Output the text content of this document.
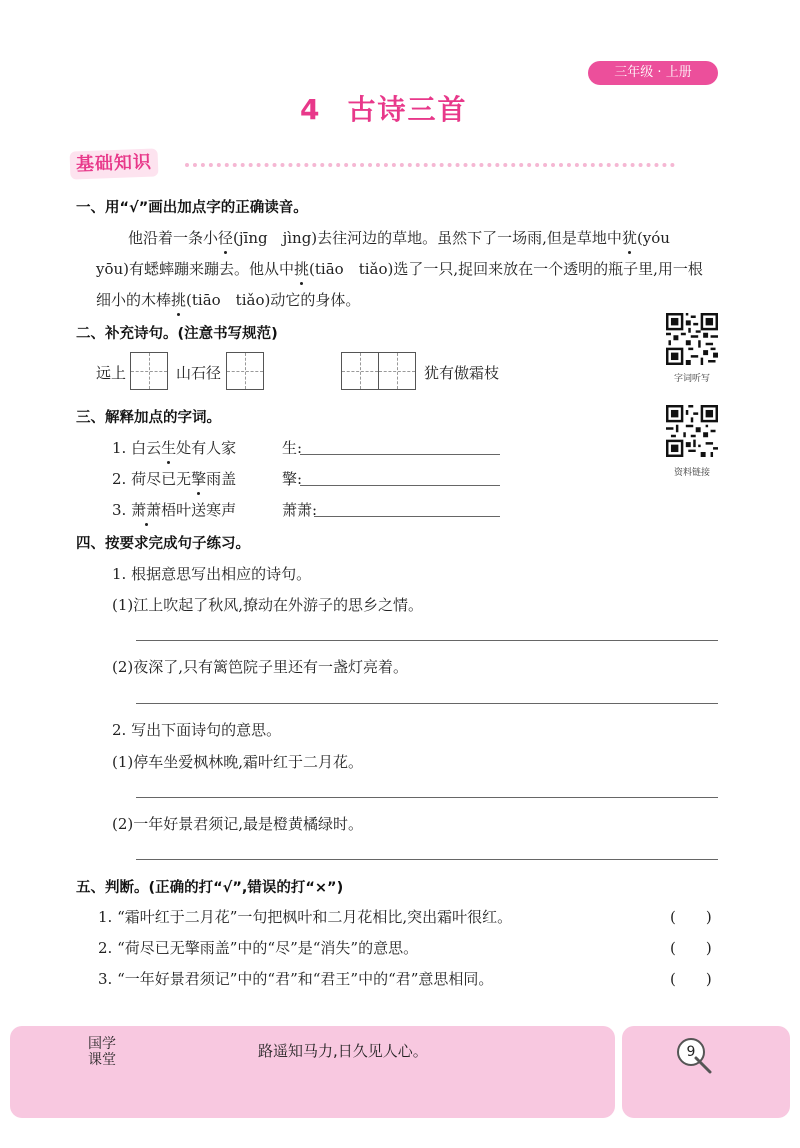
三年级 · 上册
4 古诗三首
基础知识
一、用“√”画出加点字的正确读音。
他沿着一条小径(jīng　jìng)去往河边的草地。虽然下了一场雨,但是草地中犹(yóu
yōu)有蟋蟀蹦来蹦去。他从中挑(tiāo　tiǎo)选了一只,捉回来放在一个透明的瓶子里,用一根
细小的木棒挑(tiāo　tiǎo)动它的身体。
二、补充诗句。(注意书写规范)
远上	山石径	犹有傲霜枝	字词听写
资料链接
三、解释加点的字词。
1. 白云生处有人家	生:
2. 荷尽已无擎雨盖	擎:
3. 萧萧梧叶送寒声	萧萧:
四、按要求完成句子练习。
1. 根据意思写出相应的诗句。
(1)江上吹起了秋风,撩动在外游子的思乡之情。
(2)夜深了,只有篱笆院子里还有一盏灯亮着。
2. 写出下面诗句的意思。
(1)停车坐爱枫林晚,霜叶红于二月花。
(2)一年好景君须记,最是橙黄橘绿时。
五、判断。(正确的打“√”,错误的打“×”)
1. “霜叶红于二月花”一句把枫叶和二月花相比,突出霜叶很红。	(　　)
2. “荷尽已无擎雨盖”中的“尽”是“消失”的意思。	(　　)
3. “一年好景君须记”中的“君”和“君王”中的“君”意思相同。	(　　)
国学
课堂	路遥知马力,日久见人心。	9
